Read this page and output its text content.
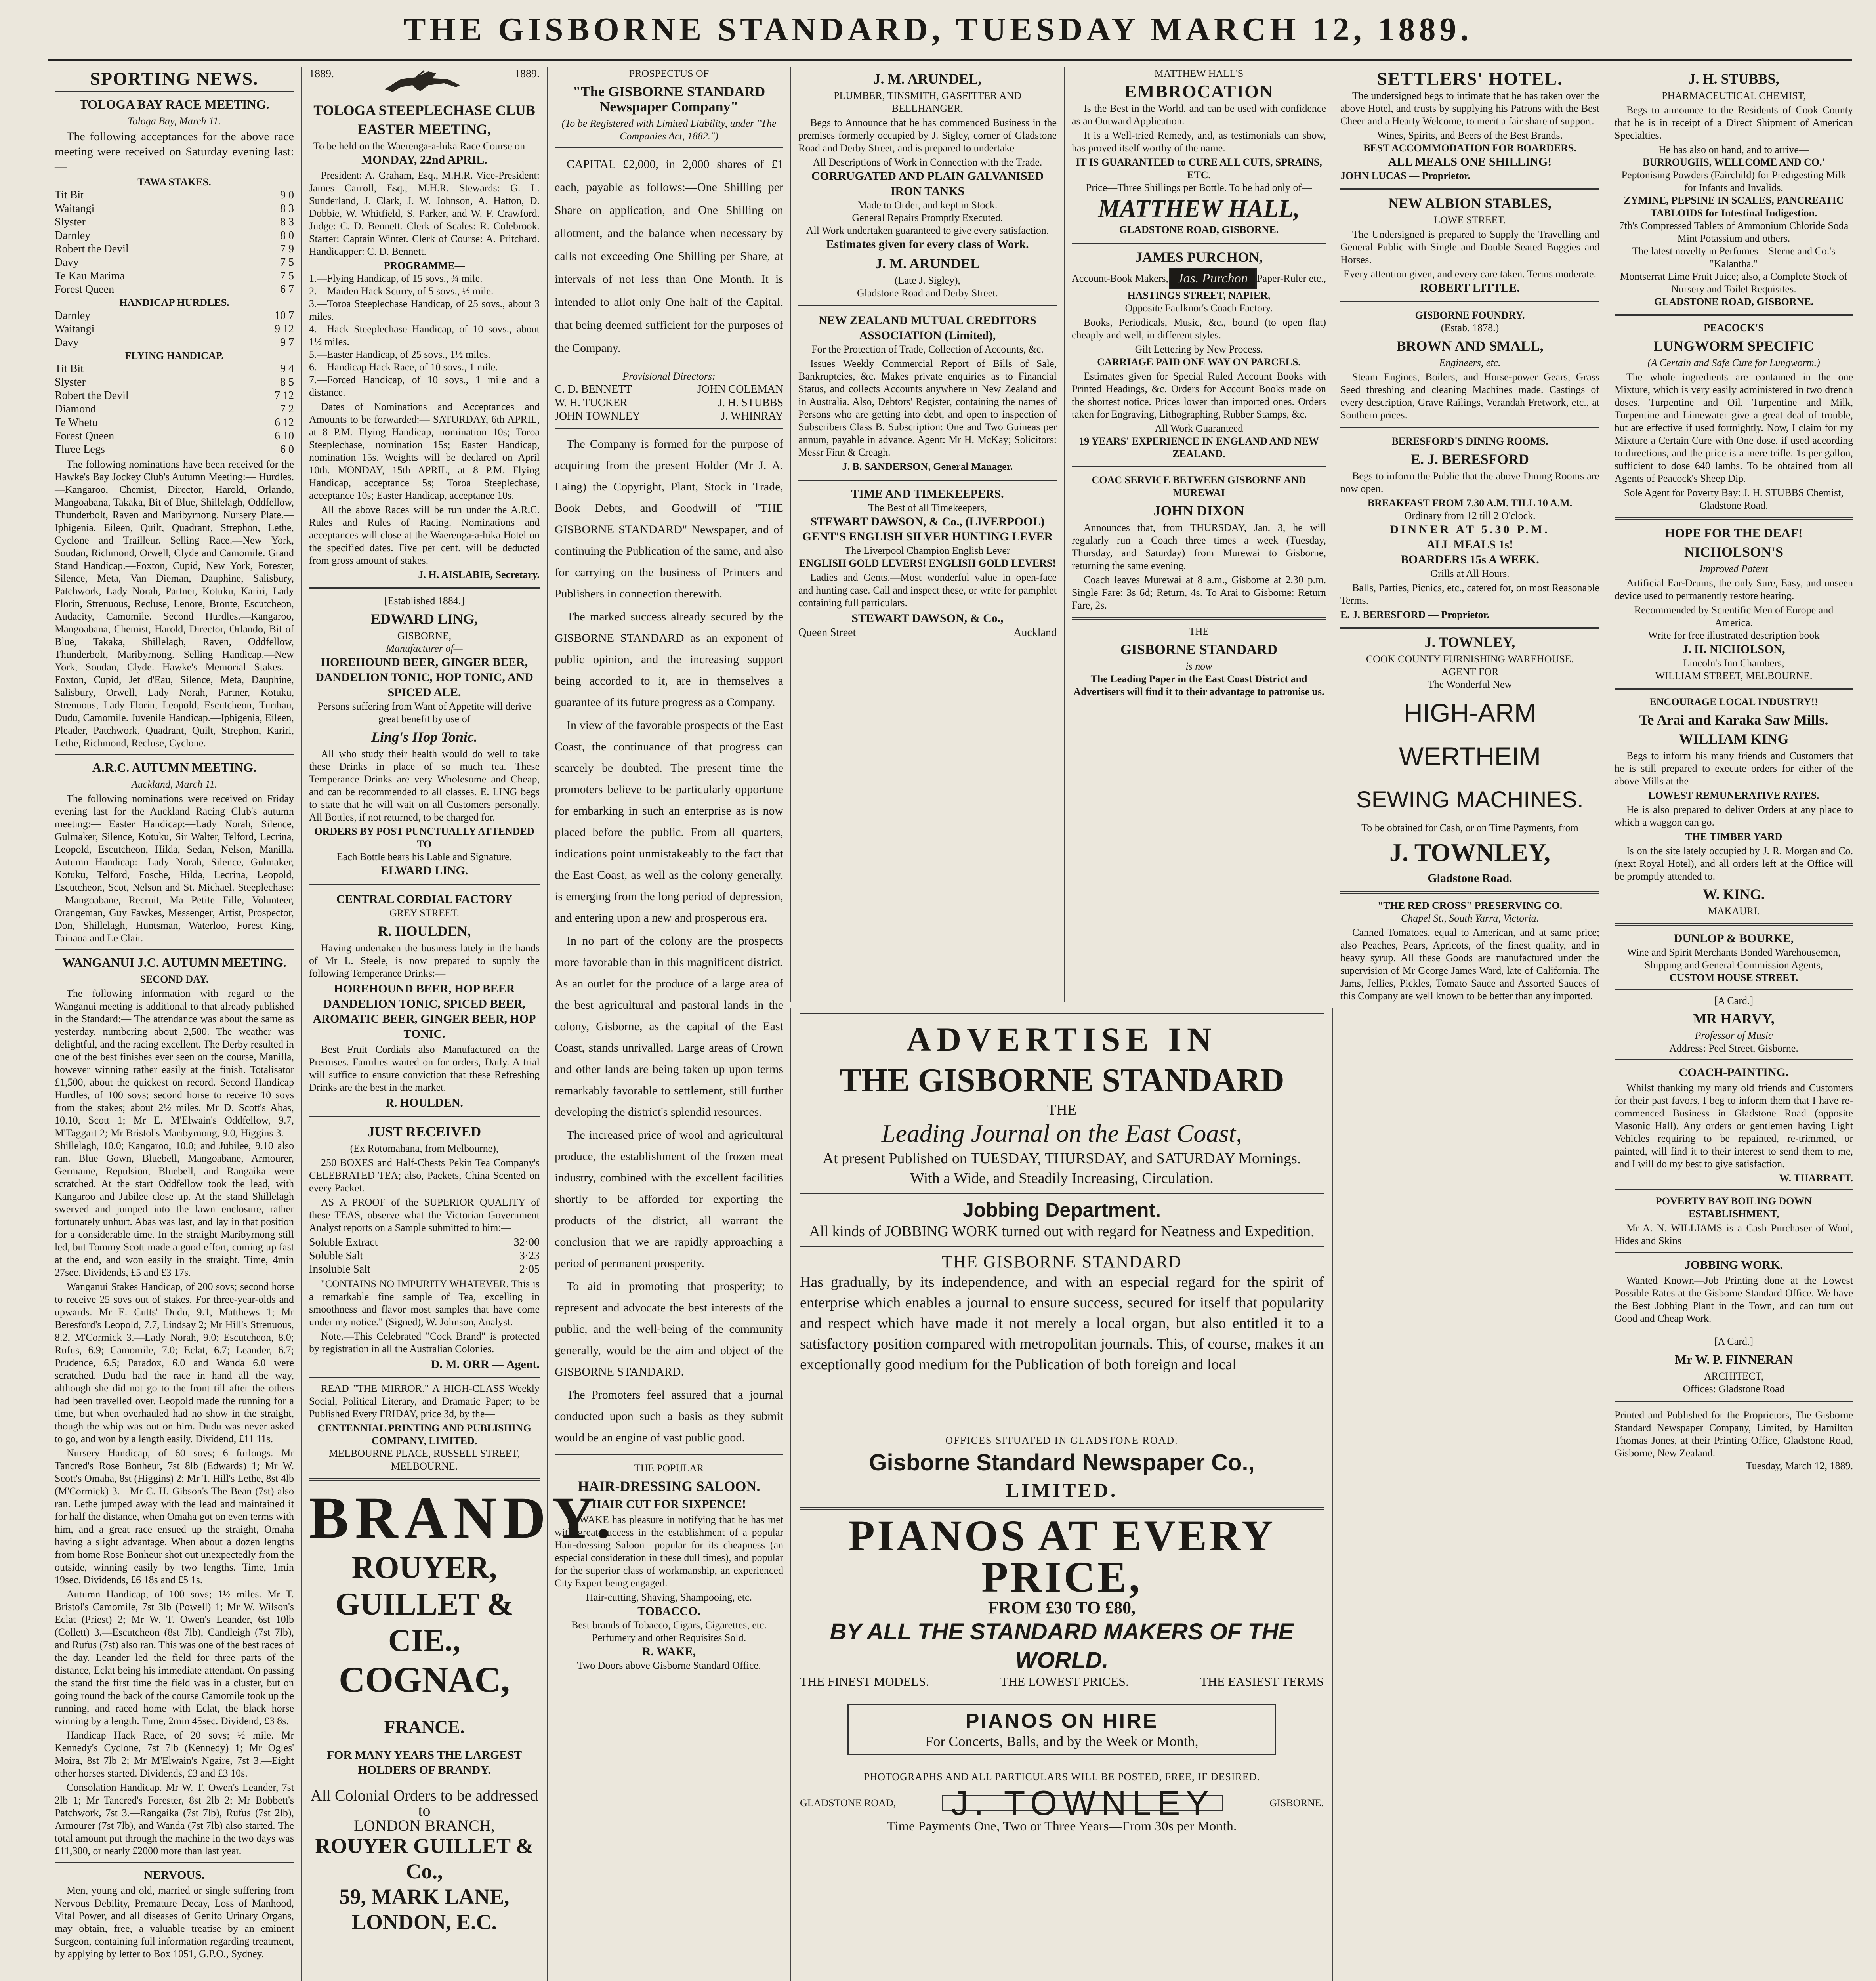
THE GISBORNE STANDARD, TUESDAY MARCH 12, 1889.
SPORTING NEWS.
TOLOGA BAY RACE MEETING.
Tologa Bay, March 11.
The following acceptances for the above race meeting were received on Saturday evening last:—
TAWA STAKES.
Tit Bit	9 0
Waitangi	8 3
Slyster	8 3
Darnley	8 0
Robert the Devil	7 9
Davy	7 5
Te Kau Marima	7 5
Forest Queen	6 7
HANDICAP HURDLES.
Darnley	10 7
Waitangi	9 12
Davy	9 7
FLYING HANDICAP.
Tit Bit	9 4
Slyster	8 5
Robert the Devil	7 12
Diamond	7 2
Te Whetu	6 12
Forest Queen	6 10
Three Legs	6 0
The following nominations have been received for the Hawke's Bay Jockey Club's Autumn Meeting:— Hurdles.—Kangaroo, Chemist, Director, Harold, Orlando, Mangoabana, Takaka, Bit of Blue, Shillelagh, Oddfellow, Thunderbolt, Raven and Maribyrnong. Nursery Plate.—Iphigenia, Eileen, Quilt, Quadrant, Strephon, Lethe, Cyclone and Trailleur. Selling Race.—New York, Soudan, Richmond, Orwell, Clyde and Camomile. Grand Stand Handicap.—Foxton, Cupid, New York, Forester, Silence, Meta, Van Dieman, Dauphine, Salisbury, Patchwork, Lady Norah, Partner, Kotuku, Kariri, Lady Florin, Strenuous, Recluse, Lenore, Bronte, Escutcheon, Audacity, Camomile. Second Hurdles.—Kangaroo, Mangoabana, Chemist, Harold, Director, Orlando, Bit of Blue, Takaka, Shillelagh, Raven, Oddfellow, Thunderbolt, Maribyrnong. Selling Handicap.—New York, Soudan, Clyde. Hawke's Memorial Stakes.—Foxton, Cupid, Jet d'Eau, Silence, Meta, Dauphine, Salisbury, Orwell, Lady Norah, Partner, Kotuku, Strenuous, Lady Florin, Leopold, Escutcheon, Turihau, Dudu, Camomile. Juvenile Handicap.—Iphigenia, Eileen, Pleader, Patchwork, Quadrant, Quilt, Strephon, Kariri, Lethe, Richmond, Recluse, Cyclone.
A.R.C. AUTUMN MEETING.
Auckland, March 11.
The following nominations were received on Friday evening last for the Auckland Racing Club's autumn meeting:— Easter Handicap:—Lady Norah, Silence, Gulmaker, Silence, Kotuku, Sir Walter, Telford, Lecrina, Leopold, Escutcheon, Hilda, Sedan, Nelson, Manilla. Autumn Handicap:—Lady Norah, Silence, Gulmaker, Kotuku, Telford, Fosche, Hilda, Lecrina, Leopold, Escutcheon, Scot, Nelson and St. Michael. Steeplechase:—Mangoabane, Recruit, Ma Petite Fille, Volunteer, Orangeman, Guy Fawkes, Messenger, Artist, Prospector, Don, Shillelagh, Huntsman, Waterloo, Forest King, Tainaoa and Le Clair.
WANGANUI J.C. AUTUMN MEETING.
SECOND DAY.
The following information with regard to the Wanganui meeting is additional to that already published in the Standard:— The attendance was about the same as yesterday, numbering about 2,500. The weather was delightful, and the racing excellent. The Derby resulted in one of the best finishes ever seen on the course, Manilla, however winning rather easily at the finish. Totalisator £1,500, about the quickest on record. Second Handicap Hurdles, of 100 sovs; second horse to receive 10 sovs from the stakes; about 2½ miles. Mr D. Scott's Abas, 10.10, Scott 1; Mr E. M'Elwain's Oddfellow, 9.7, M'Taggart 2; Mr Bristol's Maribyrnong, 9.0, Higgins 3.—Shillelagh, 10.0; Kangaroo, 10.0; and Jubilee, 9.10 also ran. Blue Gown, Bluebell, Mangoabane, Armourer, Germaine, Repulsion, Bluebell, and Rangaika were scratched. At the start Oddfellow took the lead, with Kangaroo and Jubilee close up. At the stand Shillelagh swerved and jumped into the lawn enclosure, rather fortunately unhurt. Abas was last, and lay in that position for a considerable time. In the straight Maribyrnong still led, but Tommy Scott made a good effort, coming up fast at the end, and won easily in the straight. Time, 4min 27sec. Dividends, £5 and £3 17s.
Wanganui Stakes Handicap, of 200 sovs; second horse to receive 25 sovs out of stakes. For three-year-olds and upwards. Mr E. Cutts' Dudu, 9.1, Matthews 1; Mr Beresford's Leopold, 7.7, Lindsay 2; Mr Hill's Strenuous, 8.2, M'Cormick 3.—Lady Norah, 9.0; Escutcheon, 8.0; Rufus, 6.9; Camomile, 7.0; Eclat, 6.7; Leander, 6.7; Prudence, 6.5; Paradox, 6.0 and Wanda 6.0 were scratched. Dudu had the race in hand all the way, although she did not go to the front till after the others had been travelled over. Leopold made the running for a time, but when overhauled had no show in the straight, though the whip was out on him. Dudu was never asked to go, and won by a length easily. Dividend, £11 11s.
Nursery Handicap, of 60 sovs; 6 furlongs. Mr Tancred's Rose Bonheur, 7st 8lb (Edwards) 1; Mr W. Scott's Omaha, 8st (Higgins) 2; Mr T. Hill's Lethe, 8st 4lb (M'Cormick) 3.—Mr C. H. Gibson's The Bean (7st) also ran. Lethe jumped away with the lead and maintained it for half the distance, when Omaha got on even terms with him, and a great race ensued up the straight, Omaha having a slight advantage. When about a dozen lengths from home Rose Bonheur shot out unexpectedly from the outside, winning easily by two lengths. Time, 1min 19sec. Dividends, £6 18s and £5 1s.
Autumn Handicap, of 100 sovs; 1½ miles. Mr T. Bristol's Camomile, 7st 3lb (Powell) 1; Mr W. Wilson's Eclat (Priest) 2; Mr W. T. Owen's Leander, 6st 10lb (Collett) 3.—Escutcheon (8st 7lb), Candleigh (7st 7lb), and Rufus (7st) also ran. This was one of the best races of the day. Leander led the field for three parts of the distance, Eclat being his immediate attendant. On passing the stand the first time the field was in a cluster, but on going round the back of the course Camomile took up the running, and raced home with Eclat, the black horse winning by a length. Time, 2min 45sec. Dividend, £3 8s.
Handicap Hack Race, of 20 sovs; ½ mile. Mr Kennedy's Cyclone, 7st 7lb (Kennedy) 1; Mr Ogles' Moira, 8st 7lb 2; Mr M'Elwain's Ngaire, 7st 3.—Eight other horses started. Dividends, £3 and £3 10s.
Consolation Handicap. Mr W. T. Owen's Leander, 7st 2lb 1; Mr Tancred's Forester, 8st 2lb 2; Mr Bobbett's Patchwork, 7st 3.—Rangaika (7st 7lb), Rufus (7st 2lb), Armourer (7st 7lb), and Wanda (7st 7lb) also started. The total amount put through the machine in the two days was £11,300, or nearly £2000 more than last year.
NERVOUS.
Men, young and old, married or single suffering from Nervous Debility, Premature Decay, Loss of Manhood, Vital Power, and all diseases of Genito Urinary Organs, may obtain, free, a valuable treatise by an eminent Surgeon, containing full information regarding treatment, by applying by letter to Box 1051, G.P.O., Sydney.
1889.	1889.
TOLOGA STEEPLECHASE CLUB
EASTER MEETING,
To be held on the Waerenga-a-hika Race Course on—
MONDAY, 22nd APRIL.
President: A. Graham, Esq., M.H.R. Vice-President: James Carroll, Esq., M.H.R. Stewards: G. L. Sunderland, J. Clark, J. W. Johnson, A. Hatton, D. Dobbie, W. Whitfield, S. Parker, and W. F. Crawford. Judge: C. D. Bennett. Clerk of Scales: R. Colebrook. Starter: Captain Winter. Clerk of Course: A. Pritchard. Handicapper: C. D. Bennett.
PROGRAMME—
1.—Flying Handicap, of 15 sovs., ¾ mile.
2.—Maiden Hack Scurry, of 5 sovs., ½ mile.
3.—Toroa Steeplechase Handicap, of 25 sovs., about 3 miles.
4.—Hack Steeplechase Handicap, of 10 sovs., about 1½ miles.
5.—Easter Handicap, of 25 sovs., 1½ miles.
6.—Handicap Hack Race, of 10 sovs., 1 mile.
7.—Forced Handicap, of 10 sovs., 1 mile and a distance.
Dates of Nominations and Acceptances and Amounts to be forwarded:— SATURDAY, 6th APRIL, at 8 P.M. Flying Handicap, nomination 10s; Toroa Steeplechase, nomination 15s; Easter Handicap, nomination 15s. Weights will be declared on April 10th. MONDAY, 15th APRIL, at 8 P.M. Flying Handicap, acceptance 5s; Toroa Steeplechase, acceptance 10s; Easter Handicap, acceptance 10s.
All the above Races will be run under the A.R.C. Rules and Rules of Racing. Nominations and acceptances will close at the Waerenga-a-hika Hotel on the specified dates. Five per cent. will be deducted from gross amount of stakes.
J. H. AISLABIE, Secretary.
[Established 1884.]
EDWARD LING,
GISBORNE,
Manufacturer of—
HOREHOUND BEER, GINGER BEER, DANDELION TONIC, HOP TONIC, AND SPICED ALE.
Persons suffering from Want of Appetite will derive great benefit by use of
Ling's Hop Tonic.
All who study their health would do well to take these Drinks in place of so much tea. These Temperance Drinks are very Wholesome and Cheap, and can be recommended to all classes. E. LING begs to state that he will wait on all Customers personally. All Bottles, if not returned, to be charged for.
ORDERS BY POST PUNCTUALLY ATTENDED TO
Each Bottle bears his Lable and Signature.
ELWARD LING.
CENTRAL CORDIAL FACTORY
GREY STREET.
R. HOULDEN,
Having undertaken the business lately in the hands of Mr L. Steele, is now prepared to supply the following Temperance Drinks:—
HOREHOUND BEER, HOP BEER DANDELION TONIC, SPICED BEER, AROMATIC BEER, GINGER BEER, HOP TONIC.
Best Fruit Cordials also Manufactured on the Premises. Families waited on for orders, Daily. A trial will suffice to ensure conviction that these Refreshing Drinks are the best in the market.
R. HOULDEN.
JUST RECEIVED
(Ex Rotomahana, from Melbourne),
250 BOXES and Half-Chests Pekin Tea Company's CELEBRATED TEA; also, Packets, China Scented on every Packet.
AS A PROOF of the SUPERIOR QUALITY of these TEAS, observe what the Victorian Government Analyst reports on a Sample submitted to him:—
Soluble Extract	32·00
Soluble Salt	3·23
Insoluble Salt	2·05
"CONTAINS NO IMPURITY WHATEVER. This is a remarkable fine sample of Tea, excelling in smoothness and flavor most samples that have come under my notice." (Signed), W. Johnson, Analyst.
Note.—This Celebrated "Cock Brand" is protected by registration in all the Australian Colonies.
D. M. ORR — Agent.
READ "THE MIRROR." A HIGH-CLASS Weekly Social, Political Literary, and Dramatic Paper; to be Published Every FRIDAY, price 3d, by the—
CENTENNIAL PRINTING AND PUBLISHING COMPANY, LIMITED.
MELBOURNE PLACE, RUSSELL STREET, MELBOURNE.
BRANDY.
ROUYER, GUILLET & CIE.,
COGNAC, FRANCE.
FOR MANY YEARS THE LARGEST HOLDERS OF BRANDY.
All Colonial Orders to be addressed to
LONDON BRANCH,
ROUYER GUILLET & Co.,
59, MARK LANE, LONDON, E.C.
PROSPECTUS OF
"The GISBORNE STANDARD Newspaper Company"
(To be Registered with Limited Liability, under "The Companies Act, 1882.")
CAPITAL £2,000, in 2,000 shares of £1 each, payable as follows:—One Shilling per Share on application, and One Shilling on allotment, and the balance when necessary by calls not exceeding One Shilling per Share, at intervals of not less than One Month. It is intended to allot only One half of the Capital, that being deemed sufficient for the purposes of the Company.
Provisional Directors:
C. D. BENNETT	JOHN COLEMAN
W. H. TUCKER	J. H. STUBBS
JOHN TOWNLEY	J. WHINRAY
The Company is formed for the purpose of acquiring from the present Holder (Mr J. A. Laing) the Copyright, Plant, Stock in Trade, Book Debts, and Goodwill of "THE GISBORNE STANDARD" Newspaper, and of continuing the Publication of the same, and also for carrying on the business of Printers and Publishers in connection therewith.
The marked success already secured by the GISBORNE STANDARD as an exponent of public opinion, and the increasing support being accorded to it, are in themselves a guarantee of its future progress as a Company.
In view of the favorable prospects of the East Coast, the continuance of that progress can scarcely be doubted. The present time the promoters believe to be particularly opportune for embarking in such an enterprise as is now placed before the public. From all quarters, indications point unmistakeably to the fact that the East Coast, as well as the colony generally, is emerging from the long period of depression, and entering upon a new and prosperous era.
In no part of the colony are the prospects more favorable than in this magnificent district. As an outlet for the produce of a large area of the best agricultural and pastoral lands in the colony, Gisborne, as the capital of the East Coast, stands unrivalled. Large areas of Crown and other lands are being taken up upon terms remarkably favorable to settlement, still further developing the district's splendid resources.
The increased price of wool and agricultural produce, the establishment of the frozen meat industry, combined with the excellent facilities shortly to be afforded for exporting the products of the district, all warrant the conclusion that we are rapidly approaching a period of permanent prosperity.
To aid in promoting that prosperity; to represent and advocate the best interests of the public, and the well-being of the community generally, would be the aim and object of the GISBORNE STANDARD.
The Promoters feel assured that a journal conducted upon such a basis as they submit would be an engine of vast public good.
THE POPULAR
HAIR-DRESSING SALOON.
HAIR CUT FOR SIXPENCE!
R. WAKE has pleasure in notifying that he has met with great success in the establishment of a popular Hair-dressing Saloon—popular for its cheapness (an especial consideration in these dull times), and popular for the superior class of workmanship, an experienced City Expert being engaged.
Hair-cutting, Shaving, Shampooing, etc.
TOBACCO.
Best brands of Tobacco, Cigars, Cigarettes, etc.
Perfumery and other Requisites Sold.
R. WAKE,
Two Doors above Gisborne Standard Office.
J. M. ARUNDEL,
PLUMBER, TINSMITH, GASFITTER AND BELLHANGER,
Begs to Announce that he has commenced Business in the premises formerly occupied by J. Sigley, corner of Gladstone Road and Derby Street, and is prepared to undertake
All Descriptions of Work in Connection with the Trade.
CORRUGATED AND PLAIN GALVANISED IRON TANKS
Made to Order, and kept in Stock.
General Repairs Promptly Executed.
All Work undertaken guaranteed to give every satisfaction.
Estimates given for every class of Work.
J. M. ARUNDEL
(Late J. Sigley),
Gladstone Road and Derby Street.
NEW ZEALAND MUTUAL CREDITORS ASSOCIATION (Limited),
For the Protection of Trade, Collection of Accounts, &c.
Issues Weekly Commercial Report of Bills of Sale, Bankruptcies, &c. Makes private enquiries as to Financial Status, and collects Accounts anywhere in New Zealand and in Australia. Also, Debtors' Register, containing the names of Persons who are getting into debt, and open to inspection of Subscribers Class B. Subscription: One and Two Guineas per annum, payable in advance. Agent: Mr H. McKay; Solicitors: Messr Finn & Creagh.
J. B. SANDERSON, General Manager.
TIME AND TIMEKEEPERS.
The Best of all Timekeepers,
STEWART DAWSON, & Co., (LIVERPOOL)
GENT'S ENGLISH SILVER HUNTING LEVER
The Liverpool Champion English Lever
ENGLISH GOLD LEVERS! ENGLISH GOLD LEVERS!
Ladies and Gents.—Most wonderful value in open-face and hunting case. Call and inspect these, or write for pamphlet containing full particulars.
STEWART DAWSON, & Co.,
Queen Street	Auckland
MATTHEW HALL'S
EMBROCATION
Is the Best in the World, and can be used with confidence as an Outward Application.
It is a Well-tried Remedy, and, as testimonials can show, has proved itself worthy of the name.
IT IS GUARANTEED to CURE ALL CUTS, SPRAINS, ETC.
Price—Three Shillings per Bottle. To be had only of—
MATTHEW HALL,
GLADSTONE ROAD, GISBORNE.
JAMES PURCHON,
Account-Book Makers, Jas. Purchon Paper-Ruler etc.,
HASTINGS STREET, NAPIER,
Opposite Faulknor's Coach Factory.
Books, Periodicals, Music, &c., bound (to open flat) cheaply and well, in different styles.
Gilt Lettering by New Process.
CARRIAGE PAID ONE WAY ON PARCELS.
Estimates given for Special Ruled Account Books with Printed Headings, &c. Orders for Account Books made on the shortest notice. Prices lower than imported ones. Orders taken for Engraving, Lithographing, Rubber Stamps, &c.
All Work Guaranteed
19 YEARS' EXPERIENCE IN ENGLAND AND NEW ZEALAND.
COAC SERVICE BETWEEN GISBORNE AND MUREWAI
JOHN DIXON
Announces that, from THURSDAY, Jan. 3, he will regularly run a Coach three times a week (Tuesday, Thursday, and Saturday) from Murewai to Gisborne, returning the same evening.
Coach leaves Murewai at 8 a.m., Gisborne at 2.30 p.m. Single Fare: 3s 6d; Return, 4s. To Arai to Gisborne: Return Fare, 2s.
THE
GISBORNE STANDARD
is now
The Leading Paper in the East Coast District and Advertisers will find it to their advantage to patronise us.
ADVERTISE IN
THE GISBORNE STANDARD
THE
Leading Journal on the East Coast,
At present Published on TUESDAY, THURSDAY, and SATURDAY Mornings.
With a Wide, and Steadily Increasing, Circulation.
Jobbing Department.
All kinds of JOBBING WORK turned out with regard for Neatness and Expedition.
THE GISBORNE STANDARD
Has gradually, by its independence, and with an especial regard for the spirit of enterprise which enables a journal to ensure success, secured for itself that popularity and respect which have made it not merely a local organ, but also entitled it to a satisfactory position compared with metropolitan journals. This, of course, makes it an exceptionally good medium for the Publication of both foreign and local
OFFICES SITUATED IN GLADSTONE ROAD.
Gisborne Standard Newspaper Co.,
LIMITED.
PIANOS AT EVERY PRICE,
FROM £30 TO £80,
BY ALL THE STANDARD MAKERS OF THE WORLD.
THE FINEST MODELS.	THE LOWEST PRICES.	THE EASIEST TERMS
PIANOS ON HIRE
For Concerts, Balls, and by the Week or Month,
PHOTOGRAPHS AND ALL PARTICULARS WILL BE POSTED, FREE, IF DESIRED.
GLADSTONE ROAD, J. TOWNLEY	GISBORNE.
Time Payments One, Two or Three Years—From 30s per Month.
SETTLERS' HOTEL.
The undersigned begs to intimate that he has taken over the above Hotel, and trusts by supplying his Patrons with the Best Cheer and a Hearty Welcome, to merit a fair share of support.
Wines, Spirits, and Beers of the Best Brands.
BEST ACCOMMODATION FOR BOARDERS.
ALL MEALS ONE SHILLING!
JOHN LUCAS — Proprietor.
NEW ALBION STABLES,
LOWE STREET.
The Undersigned is prepared to Supply the Travelling and General Public with Single and Double Seated Buggies and Horses.
Every attention given, and every care taken. Terms moderate.
ROBERT LITTLE.
GISBORNE FOUNDRY.
(Estab. 1878.)
BROWN AND SMALL,
Engineers, etc.
Steam Engines, Boilers, and Horse-power Gears, Grass Seed threshing and cleaning Machines made. Castings of every description, Grave Railings, Verandah Fretwork, etc., at Southern prices.
BERESFORD'S DINING ROOMS.
E. J. BERESFORD
Begs to inform the Public that the above Dining Rooms are now open.
BREAKFAST FROM 7.30 A.M. TILL 10 A.M.
Ordinary from 12 till 2 O'clock.
DINNER AT 5.30 P.M.
ALL MEALS 1s!
BOARDERS 15s A WEEK.
Grills at All Hours.
Balls, Parties, Picnics, etc., catered for, on most Reasonable Terms.
E. J. BERESFORD — Proprietor.
J. TOWNLEY,
COOK COUNTY FURNISHING WAREHOUSE.
AGENT FOR
The Wonderful New
HIGH-ARM
WERTHEIM
SEWING MACHINES.
To be obtained for Cash, or on Time Payments, from
J. TOWNLEY,
Gladstone Road.
"THE RED CROSS" PRESERVING CO.
Chapel St., South Yarra, Victoria.
Canned Tomatoes, equal to American, and at same price; also Peaches, Pears, Apricots, of the finest quality, and in heavy syrup. All these Goods are manufactured under the supervision of Mr George James Ward, late of California. The Jams, Jellies, Pickles, Tomato Sauce and Assorted Sauces of this Company are well known to be better than any imported.
J. H. STUBBS,
PHARMACEUTICAL CHEMIST,
Begs to announce to the Residents of Cook County that he is in receipt of a Direct Shipment of American Specialties.
He has also on hand, and to arrive—
BURROUGHS, WELLCOME AND CO.'
Peptonising Powders (Fairchild) for Predigesting Milk for Infants and Invalids.
ZYMINE, PEPSINE IN SCALES, PANCREATIC TABLOIDS for Intestinal Indigestion.
7th's Compressed Tablets of Ammonium Chloride Soda Mint Potassium and others.
The latest novelty in Perfumes—Sterne and Co.'s "Kalantha."
Montserrat Lime Fruit Juice; also, a Complete Stock of Nursery and Toilet Requisites.
GLADSTONE ROAD, GISBORNE.
PEACOCK'S
LUNGWORM SPECIFIC
(A Certain and Safe Cure for Lungworm.)
The whole ingredients are contained in the one Mixture, which is very easily administered in two drench doses. Turpentine and Oil, Turpentine and Milk, Turpentine and Limewater give a great deal of trouble, but are effective if used fortnightly. Now, I claim for my Mixture a Certain Cure with One dose, if used according to directions, and the price is a mere trifle. 1s per gallon, sufficient to dose 640 lambs. To be obtained from all Agents of Peacock's Sheep Dip.
Sole Agent for Poverty Bay: J. H. STUBBS Chemist, Gladstone Road.
HOPE FOR THE DEAF!
NICHOLSON'S
Improved Patent
Artificial Ear-Drums, the only Sure, Easy, and unseen device used to permanently restore hearing.
Recommended by Scientific Men of Europe and America.
Write for free illustrated description book
J. H. NICHOLSON,
Lincoln's Inn Chambers,
WILLIAM STREET, MELBOURNE.
ENCOURAGE LOCAL INDUSTRY!!
Te Arai and Karaka Saw Mills.
WILLIAM KING
Begs to inform his many friends and Customers that he is still prepared to execute orders for either of the above Mills at the
LOWEST REMUNERATIVE RATES.
He is also prepared to deliver Orders at any place to which a waggon can go.
THE TIMBER YARD
Is on the site lately occupied by J. R. Morgan and Co. (next Royal Hotel), and all orders left at the Office will be promptly attended to.
W. KING.
MAKAURI.
DUNLOP & BOURKE,
Wine and Spirit Merchants Bonded Warehousemen, Shipping and General Commission Agents,
CUSTOM HOUSE STREET.
[A Card.]
MR HARVY,
Professor of Music
Address: Peel Street, Gisborne.
COACH-PAINTING.
Whilst thanking my many old friends and Customers for their past favors, I beg to inform them that I have re-commenced Business in Gladstone Road (opposite Masonic Hall). Any orders or gentlemen having Light Vehicles requiring to be repainted, re-trimmed, or painted, will find it to their interest to send them to me, and I will do my best to give satisfaction.
W. THARRATT.
POVERTY BAY BOILING DOWN ESTABLISHMENT,
Mr A. N. WILLIAMS is a Cash Purchaser of Wool, Hides and Skins
JOBBING WORK.
Wanted Known—Job Printing done at the Lowest Possible Rates at the Gisborne Standard Office. We have the Best Jobbing Plant in the Town, and can turn out Good and Cheap Work.
[A Card.]
Mr W. P. FINNERAN
ARCHITECT,
Offices: Gladstone Road
Printed and Published for the Proprietors, The Gisborne Standard Newspaper Company, Limited, by Hamilton Thomas Jones, at their Printing Office, Gladstone Road, Gisborne, New Zealand.
Tuesday, March 12, 1889.
